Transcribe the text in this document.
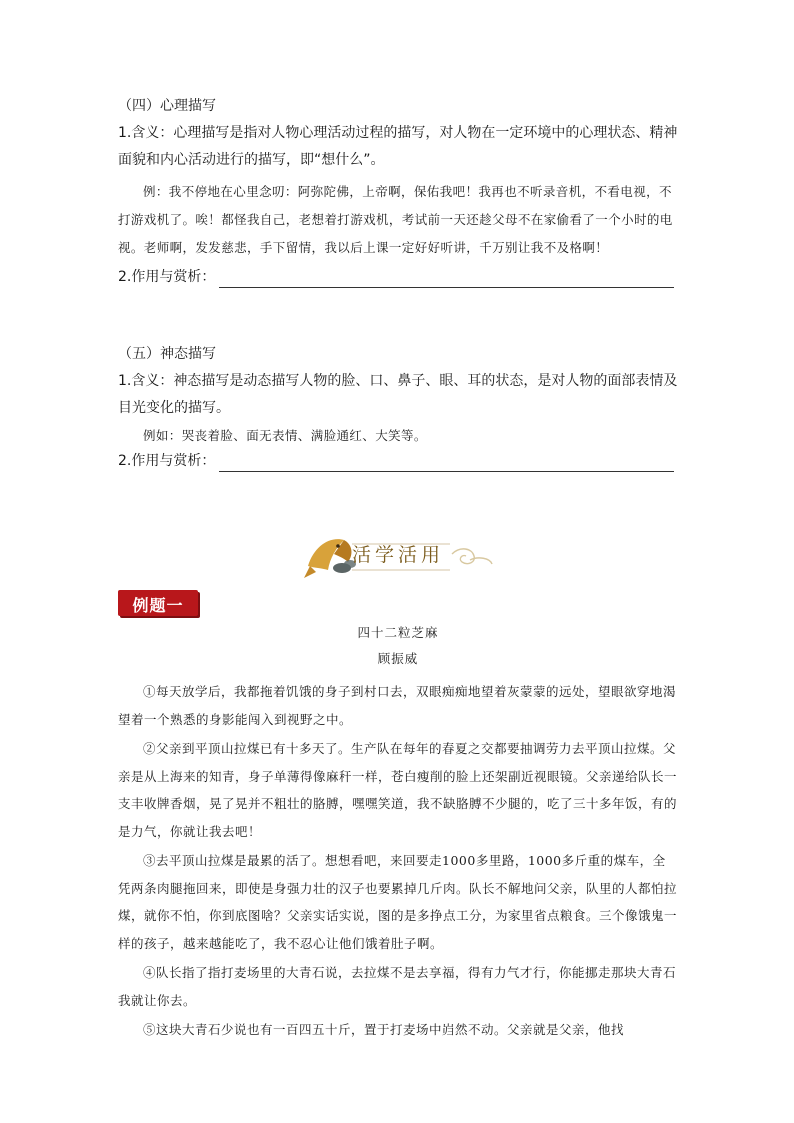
（四）心理描写

1.含义：心理描写是指对人物心理活动过程的描写，对人物在一定环境中的心理状态、精神面貌和内心活动进行的描写，即“想什么”。

例：我不停地在心里念叨：阿弥陀佛，上帝啊，保佑我吧！我再也不听录音机，不看电视，不打游戏机了。唉！都怪我自己，老想着打游戏机，考试前一天还趁父母不在家偷看了一个小时的电视。老师啊，发发慈悲，手下留情，我以后上课一定好好听讲，千万别让我不及格啊！

2.作用与赏析：

（五）神态描写

1.含义：神态描写是动态描写人物的脸、口、鼻子、眼、耳的状态，是对人物的面部表情及目光变化的描写。

例如：哭丧着脸、面无表情、满脸通红、大笑等。

2.作用与赏析：
活学活用
例题一

四十二粒芝麻

顾振威

①每天放学后，我都拖着饥饿的身子到村口去，双眼痴痴地望着灰蒙蒙的远处，望眼欲穿地渴望着一个熟悉的身影能闯入到视野之中。

②父亲到平顶山拉煤已有十多天了。生产队在每年的春夏之交都要抽调劳力去平顶山拉煤。父亲是从上海来的知青，身子单薄得像麻秆一样，苍白瘦削的脸上还架副近视眼镜。父亲递给队长一支丰收牌香烟，晃了晃并不粗壮的胳膊，嘿嘿笑道，我不缺胳膊不少腿的，吃了三十多年饭，有的是力气，你就让我去吧！

③去平顶山拉煤是最累的活了。想想看吧，来回要走1000多里路，1000多斤重的煤车，全凭两条肉腿拖回来，即使是身强力壮的汉子也要累掉几斤肉。队长不解地问父亲，队里的人都怕拉煤，就你不怕，你到底图啥？父亲实话实说，图的是多挣点工分，为家里省点粮食。三个像饿鬼一样的孩子，越来越能吃了，我不忍心让他们饿着肚子啊。

④队长指了指打麦场里的大青石说，去拉煤不是去享福，得有力气才行，你能挪走那块大青石我就让你去。

⑤这块大青石少说也有一百四五十斤，置于打麦场中岿然不动。父亲就是父亲，他找
